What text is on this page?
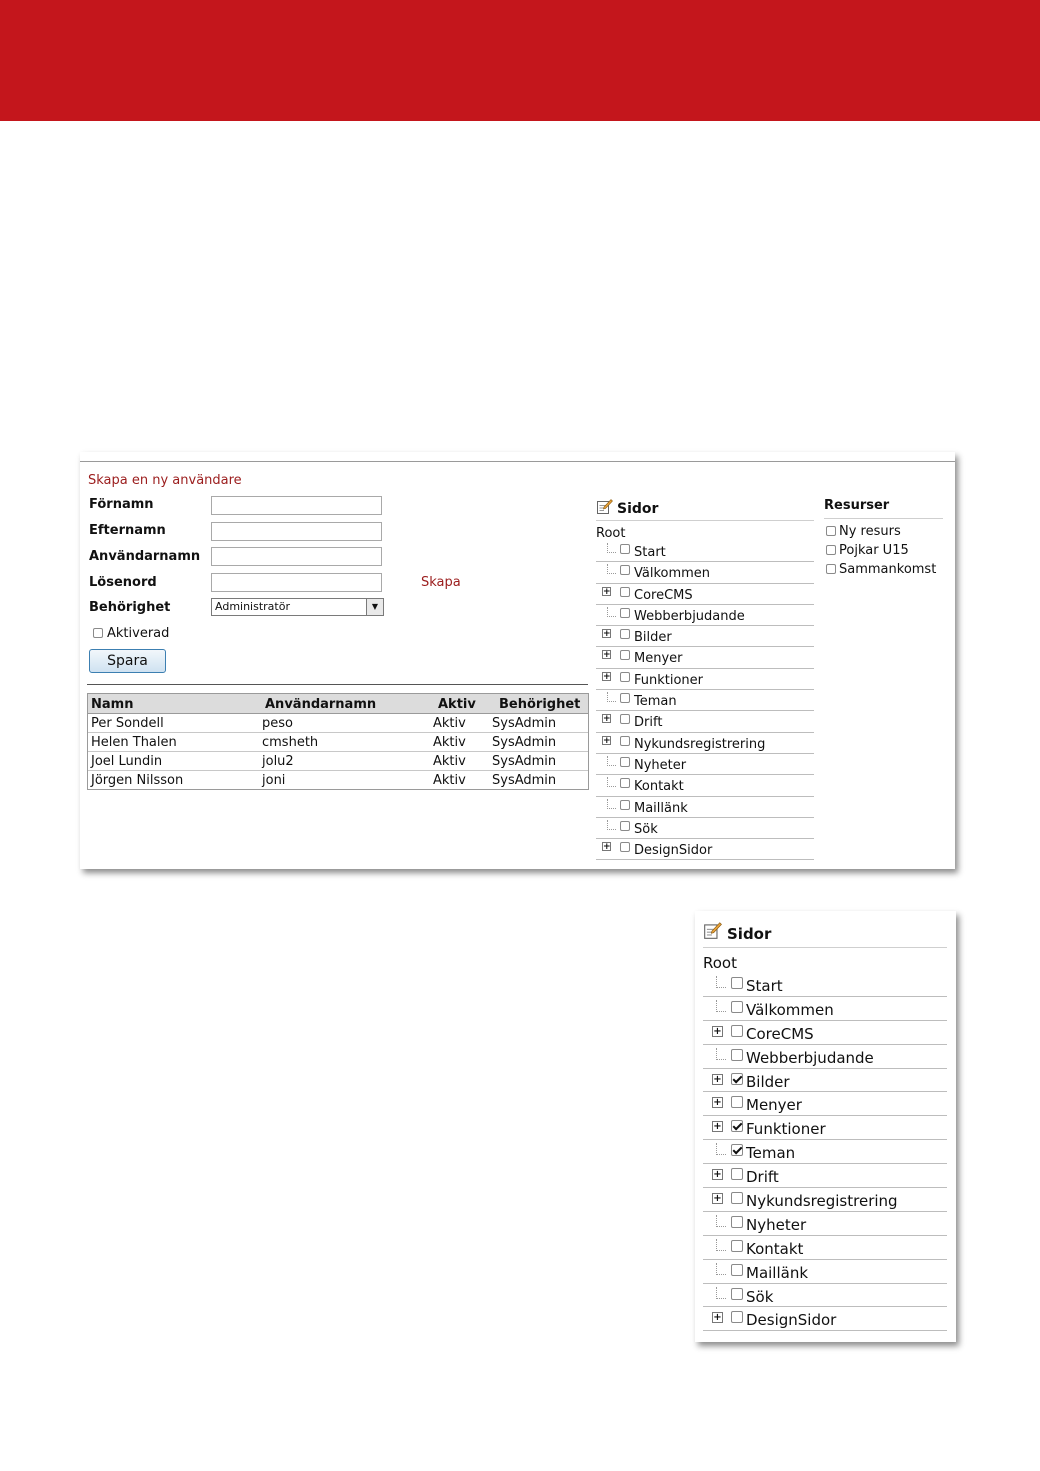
Skapa en ny användare
Förnamn
Efternamn
Användarnamn
Lösenord	Skapa
Behörighet	Administratör	▼
Aktiverad
Spara
Namn	Användarnamn	Aktiv Behörighet
Per Sondell	peso	Aktiv SysAdmin
Helen Thalen	cmsheth	Aktiv SysAdmin
Joel Lundin	jolu2	Aktiv SysAdmin
Jörgen Nilsson	joni	Aktiv SysAdmin
Sidor
Root
Start
Välkommen
+ CoreCMS
Webberbjudande
+ Bilder
+ Menyer
+ Funktioner
Teman
+ Drift
+ Nykundsregistrering
Nyheter
Kontakt
Maillänk
Sök
+ DesignSidor
Resurser
Ny resurs
Pojkar U15
Sammankomst
Sidor
Root
Start
Välkommen
+ CoreCMS
Webberbjudande
+ Bilder
+ Menyer
+ Funktioner
Teman
+ Drift
+ Nykundsregistrering
Nyheter
Kontakt
Maillänk
Sök
+ DesignSidor
